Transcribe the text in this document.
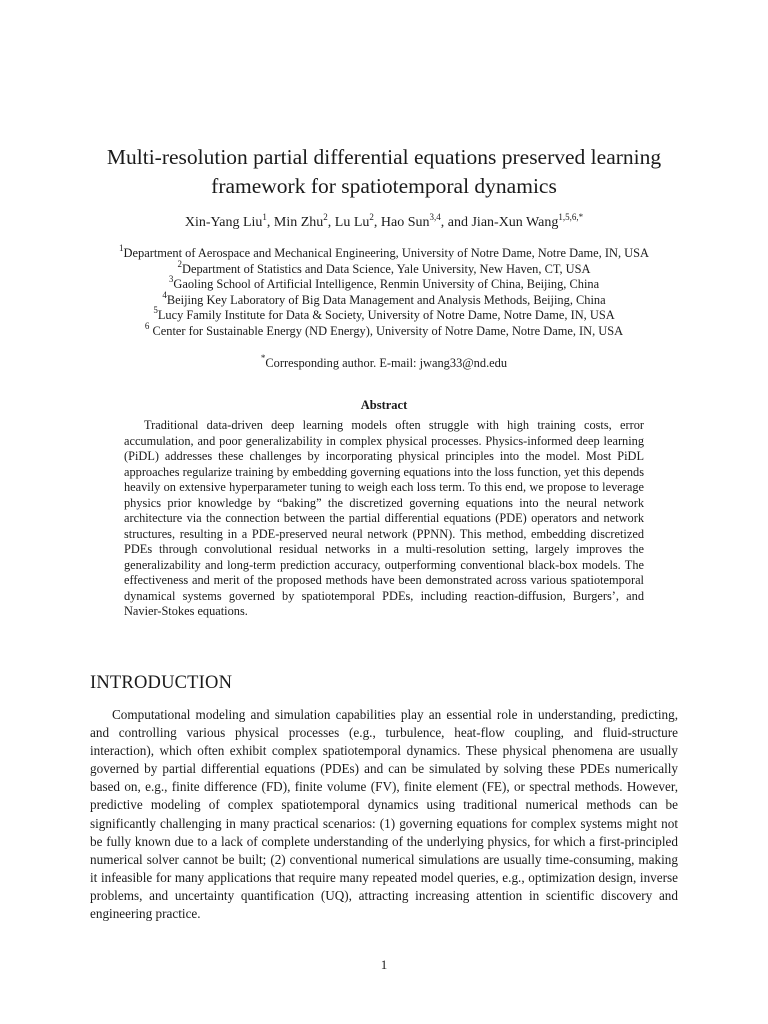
Multi-resolution partial differential equations preserved learning framework for spatiotemporal dynamics
Xin-Yang Liu$^1$, Min Zhu$^2$, Lu Lu$^2$, Hao Sun$^{3,4}$, and Jian-Xun Wang$^{1,5,6,*}$
$^1$Department of Aerospace and Mechanical Engineering, University of Notre Dame, Notre Dame, IN, USA
$^2$Department of Statistics and Data Science, Yale University, New Haven, CT, USA
$^3$Gaoling School of Artificial Intelligence, Renmin University of China, Beijing, China
$^4$Beijing Key Laboratory of Big Data Management and Analysis Methods, Beijing, China
$^5$Lucy Family Institute for Data & Society, University of Notre Dame, Notre Dame, IN, USA
$^6$ Center for Sustainable Energy (ND Energy), University of Notre Dame, Notre Dame, IN, USA
*Corresponding author. E-mail: jwang33@nd.edu
Abstract

Traditional data-driven deep learning models often struggle with high training costs, error accumulation, and poor generalizability in complex physical processes. Physics-informed deep learning (PiDL) addresses these challenges by incorporating physical principles into the model. Most PiDL approaches regularize training by embedding governing equations into the loss function, yet this depends heavily on extensive hyperparameter tuning to weigh each loss term. To this end, we propose to leverage physics prior knowledge by “baking” the discretized governing equations into the neural network architecture via the connection between the partial differential equations (PDE) operators and network structures, resulting in a PDE-preserved neural network (PPNN). This method, embedding discretized PDEs through convolutional residual networks in a multi-resolution setting, largely improves the generalizability and long-term prediction accuracy, outperforming conventional black-box models. The effectiveness and merit of the proposed methods have been demonstrated across various spatiotemporal dynamical systems governed by spatiotemporal PDEs, including reaction-diffusion, Burgers’, and Navier-Stokes equations.

INTRODUCTION

Computational modeling and simulation capabilities play an essential role in understanding, predicting, and controlling various physical processes (e.g., turbulence, heat-flow coupling, and fluid-structure interaction), which often exhibit complex spatiotemporal dynamics. These physical phenomena are usually governed by partial differential equations (PDEs) and can be simulated by solving these PDEs numerically based on, e.g., finite difference (FD), finite volume (FV), finite element (FE), or spectral methods. However, predictive modeling of complex spatiotemporal dynamics using traditional numerical methods can be significantly challenging in many practical scenarios: (1) governing equations for complex systems might not be fully known due to a lack of complete understanding of the underlying physics, for which a first-principled numerical solver cannot be built; (2) conventional numerical simulations are usually time-consuming, making it infeasible for many applications that require many repeated model queries, e.g., optimization design, inverse problems, and uncertainty quantification (UQ), attracting increasing attention in scientific discovery and engineering practice.

1
